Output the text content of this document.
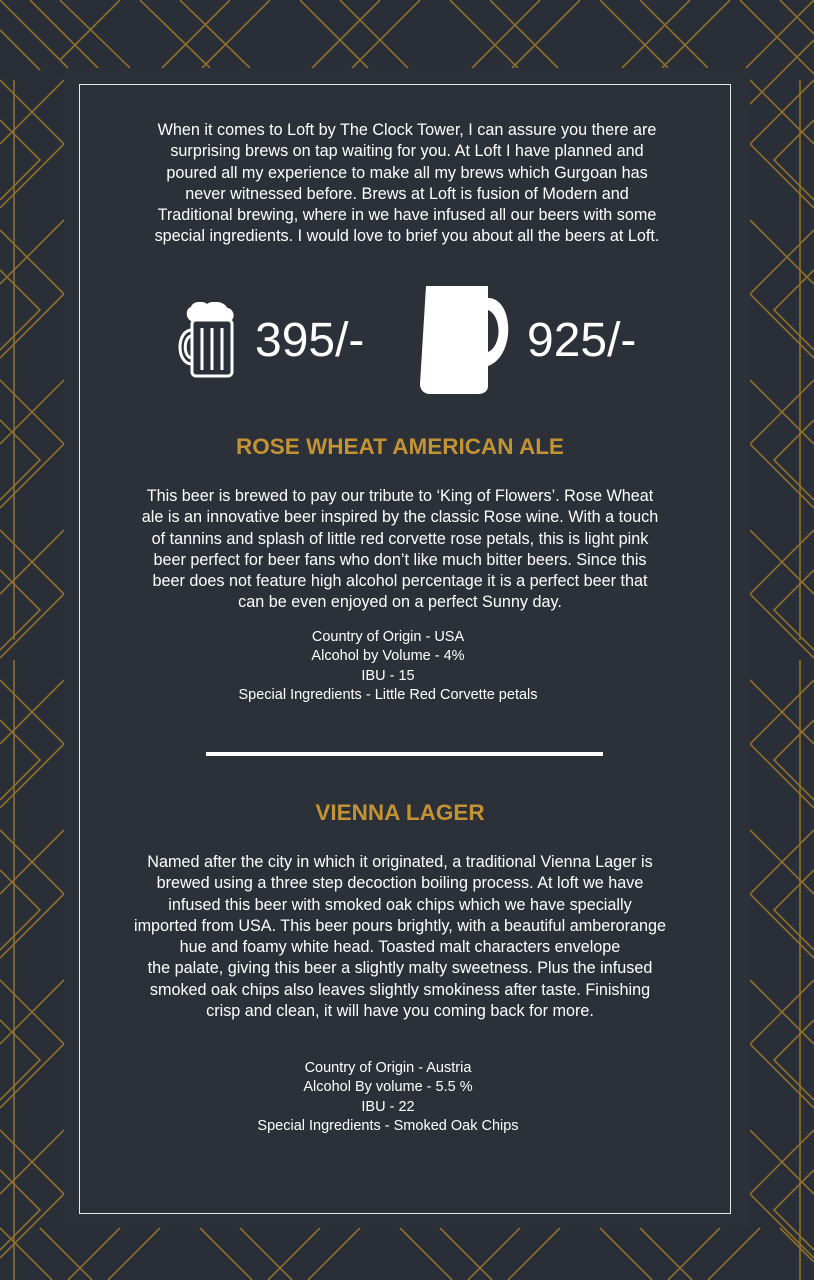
When it comes to Loft by The Clock Tower, I can assure you there are
surprising brews on tap waiting for you. At Loft I have planned and
poured all my experience to make all my brews which Gurgoan has
never witnessed before. Brews at Loft is fusion of Modern and
Traditional brewing, where in we have infused all our beers with some
special ingredients. I would love to brief you about all the beers at Loft.
395/-	925/-
ROSE WHEAT AMERICAN ALE
This beer is brewed to pay our tribute to ‘King of Flowers’. Rose Wheat
ale is an innovative beer inspired by the classic Rose wine. With a touch
of tannins and splash of little red corvette rose petals, this is light pink
beer perfect for beer fans who don’t like much bitter beers. Since this
beer does not feature high alcohol percentage it is a perfect beer that
can be even enjoyed on a perfect Sunny day.
Country of Origin - USA
Alcohol by Volume - 4%
IBU - 15
Special Ingredients - Little Red Corvette petals
VIENNA LAGER
Named after the city in which it originated, a traditional Vienna Lager is
brewed using a three step decoction boiling process. At loft we have
infused this beer with smoked oak chips which we have specially
imported from USA. This beer pours brightly, with a beautiful amberorange
hue and foamy white head. Toasted malt characters envelope
the palate, giving this beer a slightly malty sweetness. Plus the infused
smoked oak chips also leaves slightly smokiness after taste. Finishing
crisp and clean, it will have you coming back for more.
Country of Origin - Austria
Alcohol By volume - 5.5 %
IBU - 22
Special Ingredients - Smoked Oak Chips
